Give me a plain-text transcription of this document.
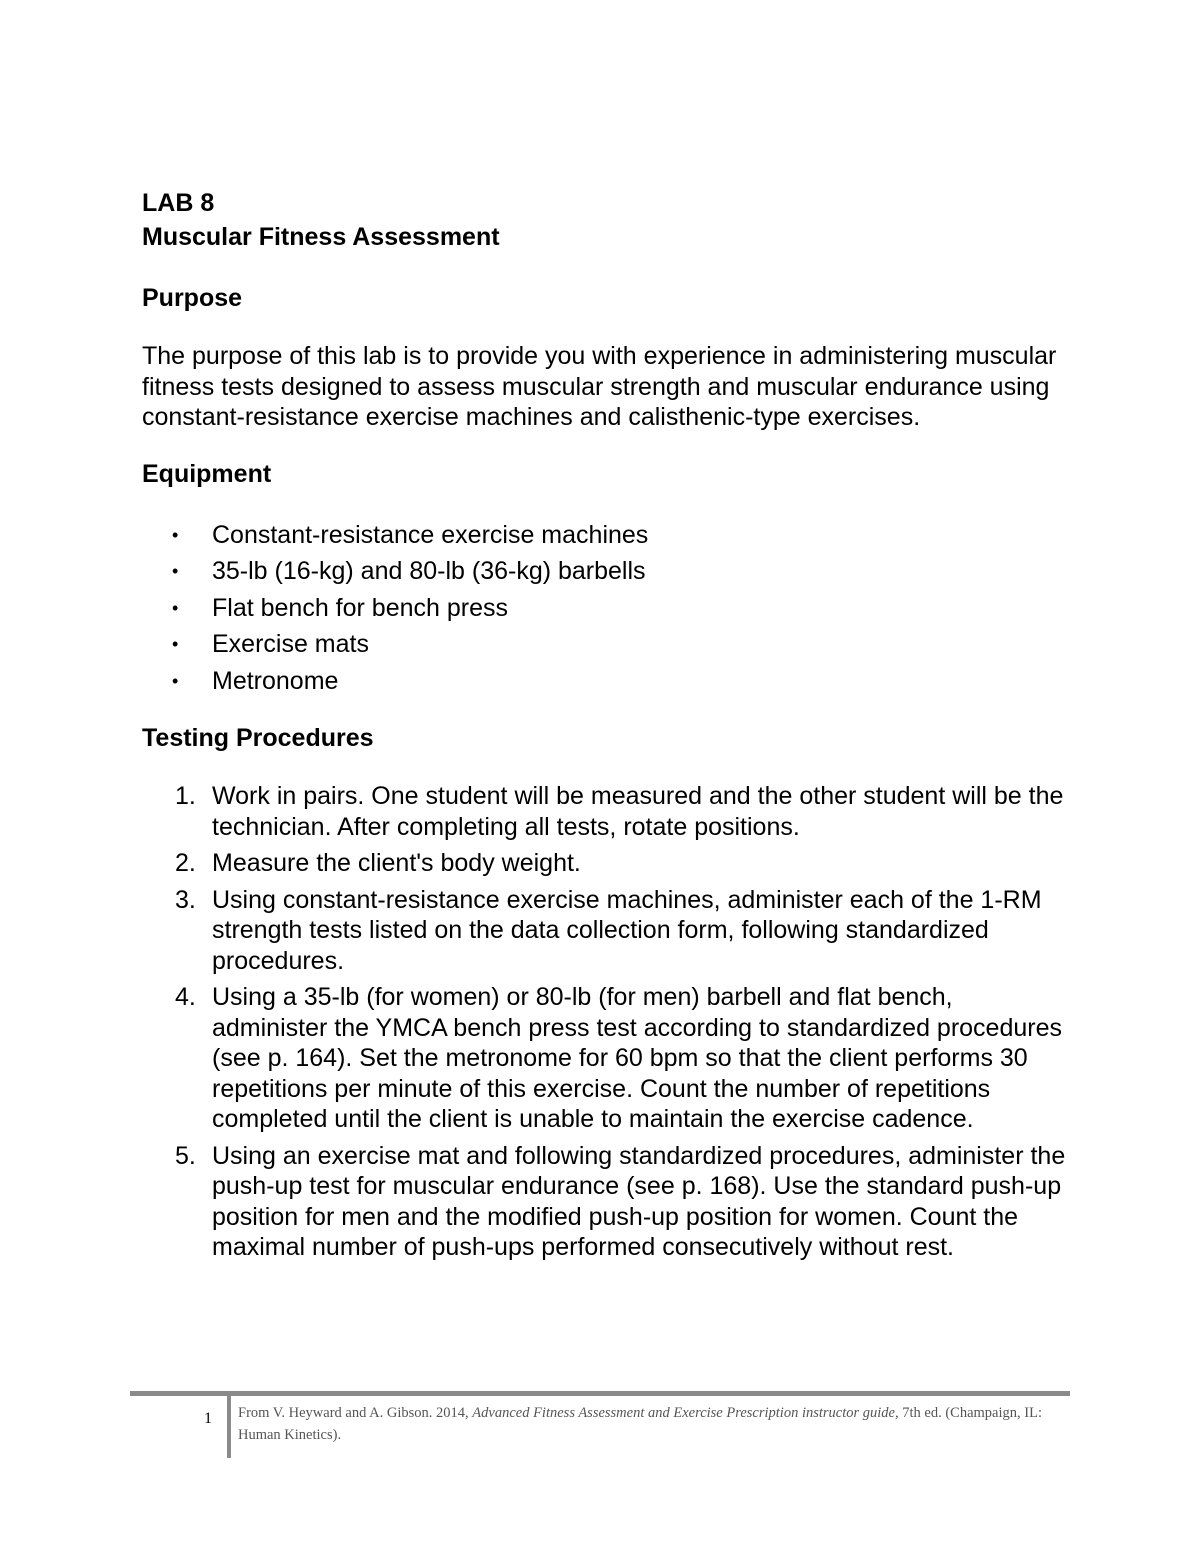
LAB 8

Muscular Fitness Assessment

Purpose

The purpose of this lab is to provide you with experience in administering muscular fitness tests designed to assess muscular strength and muscular endurance using constant-resistance exercise machines and calisthenic-type exercises.

Equipment

• Constant-resistance exercise machines
• 35-lb (16-kg) and 80-lb (36-kg) barbells
• Flat bench for bench press
• Exercise mats
• Metronome

Testing Procedures

1. Work in pairs. One student will be measured and the other student will be the technician. After completing all tests, rotate positions.
2. Measure the client's body weight.
3. Using constant-resistance exercise machines, administer each of the 1-RM strength tests listed on the data collection form, following standardized procedures.
4. Using a 35-lb (for women) or 80-lb (for men) barbell and flat bench, administer the YMCA bench press test according to standardized procedures (see p. 164). Set the metronome for 60 bpm so that the client performs 30 repetitions per minute of this exercise. Count the number of repetitions completed until the client is unable to maintain the exercise cadence.
5. Using an exercise mat and following standardized procedures, administer the push-up test for muscular endurance (see p. 168). Use the standard push-up position for men and the modified push-up position for women. Count the maximal number of push-ups performed consecutively without rest.
1 From V. Heyward and A. Gibson. 2014, Advanced Fitness Assessment and Exercise Prescription instructor guide, 7th ed. (Champaign, IL: Human Kinetics).
